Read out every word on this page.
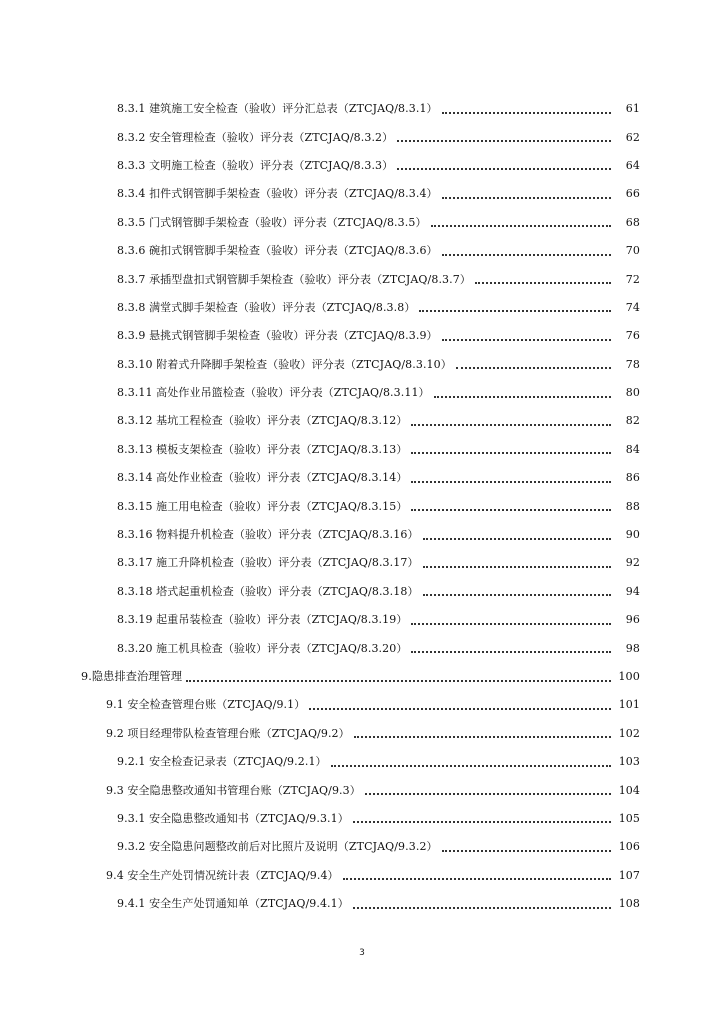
8.3.1 建筑施工安全检查（验收）评分汇总表（ZTCJAQ/8.3.1）	61
8.3.2 安全管理检查（验收）评分表（ZTCJAQ/8.3.2）	62
8.3.3 文明施工检查（验收）评分表（ZTCJAQ/8.3.3）	64
8.3.4 扣件式钢管脚手架检查（验收）评分表（ZTCJAQ/8.3.4）	66
8.3.5 门式钢管脚手架检查（验收）评分表（ZTCJAQ/8.3.5）	68
8.3.6 碗扣式钢管脚手架检查（验收）评分表（ZTCJAQ/8.3.6）	70
8.3.7 承插型盘扣式钢管脚手架检查（验收）评分表（ZTCJAQ/8.3.7）	72
8.3.8 满堂式脚手架检查（验收）评分表（ZTCJAQ/8.3.8）	74
8.3.9 悬挑式钢管脚手架检查（验收）评分表（ZTCJAQ/8.3.9）	76
8.3.10 附着式升降脚手架检查（验收）评分表（ZTCJAQ/8.3.10）	78
8.3.11 高处作业吊篮检查（验收）评分表（ZTCJAQ/8.3.11）	80
8.3.12 基坑工程检查（验收）评分表（ZTCJAQ/8.3.12）	82
8.3.13 模板支架检查（验收）评分表（ZTCJAQ/8.3.13）	84
8.3.14 高处作业检查（验收）评分表（ZTCJAQ/8.3.14）	86
8.3.15 施工用电检查（验收）评分表（ZTCJAQ/8.3.15）	88
8.3.16 物料提升机检查（验收）评分表（ZTCJAQ/8.3.16）	90
8.3.17 施工升降机检查（验收）评分表（ZTCJAQ/8.3.17）	92
8.3.18 塔式起重机检查（验收）评分表（ZTCJAQ/8.3.18）	94
8.3.19 起重吊装检查（验收）评分表（ZTCJAQ/8.3.19）	96
8.3.20 施工机具检查（验收）评分表（ZTCJAQ/8.3.20）	98
9.隐患排查治理管理	100
9.1 安全检查管理台账（ZTCJAQ/9.1）	101
9.2 项目经理带队检查管理台账（ZTCJAQ/9.2）	102
9.2.1 安全检查记录表（ZTCJAQ/9.2.1）	103
9.3 安全隐患整改通知书管理台账（ZTCJAQ/9.3）	104
9.3.1 安全隐患整改通知书（ZTCJAQ/9.3.1）	105
9.3.2 安全隐患问题整改前后对比照片及说明（ZTCJAQ/9.3.2）	106
9.4 安全生产处罚情况统计表（ZTCJAQ/9.4）	107
9.4.1 安全生产处罚通知单（ZTCJAQ/9.4.1）	108
3
